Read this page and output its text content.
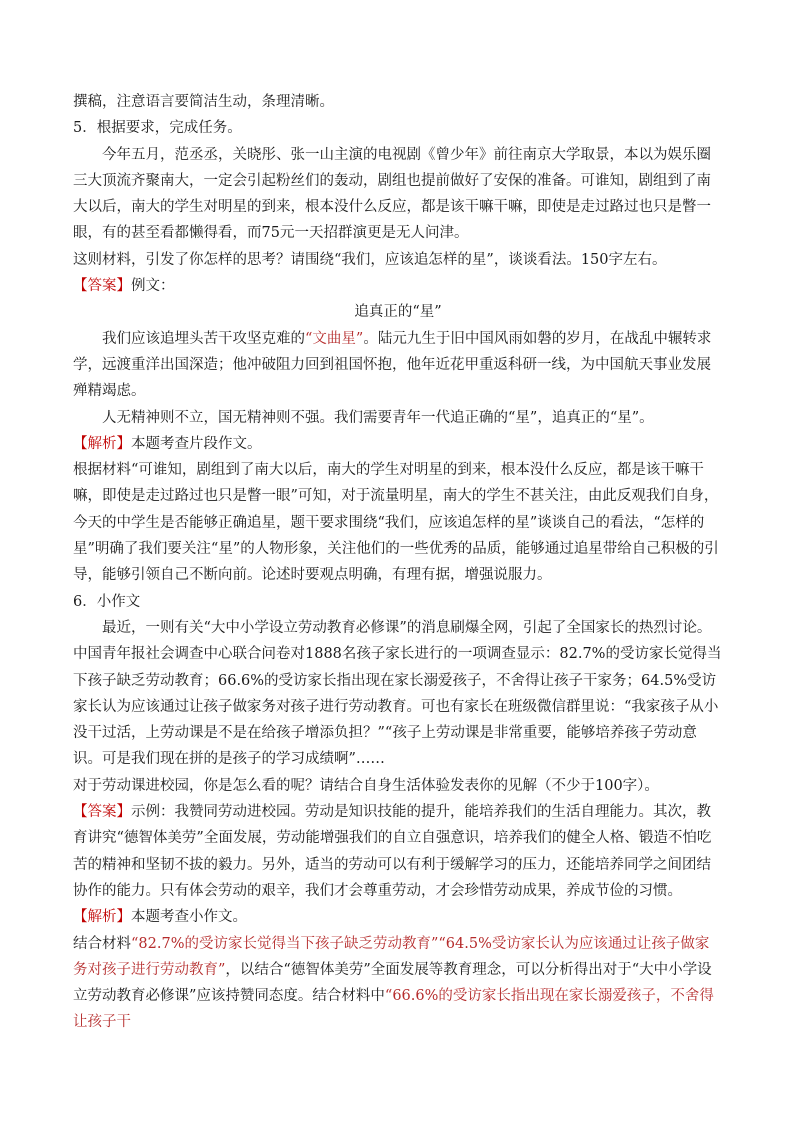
撰稿，注意语言要简洁生动，条理清晰。

5．根据要求，完成任务。

今年五月，范丞丞，关晓彤、张一山主演的电视剧《曾少年》前往南京大学取景，本以为娱乐圈三大顶流齐聚南大，一定会引起粉丝们的轰动，剧组也提前做好了安保的准备。可谁知，剧组到了南大以后，南大的学生对明星的到来，根本没什么反应，都是该干嘛干嘛，即使是走过路过也只是瞥一眼，有的甚至看都懒得看，而75元一天招群演更是无人问津。

这则材料，引发了你怎样的思考？请围绕“我们，应该追怎样的星”，谈谈看法。150字左右。

【答案】例文：

追真正的“星”

我们应该追埋头苦干攻坚克难的“文曲星”。陆元九生于旧中国风雨如磐的岁月，在战乱中辗转求学，远渡重洋出国深造；他冲破阻力回到祖国怀抱，他年近花甲重返科研一线，为中国航天事业发展殚精竭虑。

人无精神则不立，国无精神则不强。我们需要青年一代追正确的“星”，追真正的“星”。

【解析】本题考查片段作文。

根据材料“可谁知，剧组到了南大以后，南大的学生对明星的到来，根本没什么反应，都是该干嘛干嘛，即使是走过路过也只是瞥一眼”可知，对于流量明星，南大的学生不甚关注，由此反观我们自身，今天的中学生是否能够正确追星，题干要求围绕“我们，应该追怎样的星”谈谈自己的看法，“怎样的星”明确了我们要关注“星”的人物形象，关注他们的一些优秀的品质，能够通过追星带给自己积极的引导，能够引领自己不断向前。论述时要观点明确，有理有据，增强说服力。

6．小作文

最近，一则有关“大中小学设立劳动教育必修课”的消息刷爆全网，引起了全国家长的热烈讨论。中国青年报社会调查中心联合问卷对1888名孩子家长进行的一项调查显示：82.7%的受访家长觉得当下孩子缺乏劳动教育；66.6%的受访家长指出现在家长溺爱孩子，不舍得让孩子干家务；64.5%受访家长认为应该通过让孩子做家务对孩子进行劳动教育。可也有家长在班级微信群里说：“我家孩子从小没干过活，上劳动课是不是在给孩子增添负担？”“孩子上劳动课是非常重要，能够培养孩子劳动意识。可是我们现在拼的是孩子的学习成绩啊”……

对于劳动课进校园，你是怎么看的呢？请结合自身生活体验发表你的见解（不少于100字）。

【答案】示例：我赞同劳动进校园。劳动是知识技能的提升，能培养我们的生活自理能力。其次，教育讲究“德智体美劳”全面发展，劳动能增强我们的自立自强意识，培养我们的健全人格、锻造不怕吃苦的精神和坚韧不拔的毅力。另外，适当的劳动可以有利于缓解学习的压力，还能培养同学之间团结协作的能力。只有体会劳动的艰辛，我们才会尊重劳动，才会珍惜劳动成果，养成节俭的习惯。

【解析】本题考查小作文。

结合材料“82.7%的受访家长觉得当下孩子缺乏劳动教育”“64.5%受访家长认为应该通过让孩子做家务对孩子进行劳动教育”，以结合“德智体美劳”全面发展等教育理念，可以分析得出对于“大中小学设立劳动教育必修课”应该持赞同态度。结合材料中“66.6%的受访家长指出现在家长溺爱孩子，不舍得让孩子干
